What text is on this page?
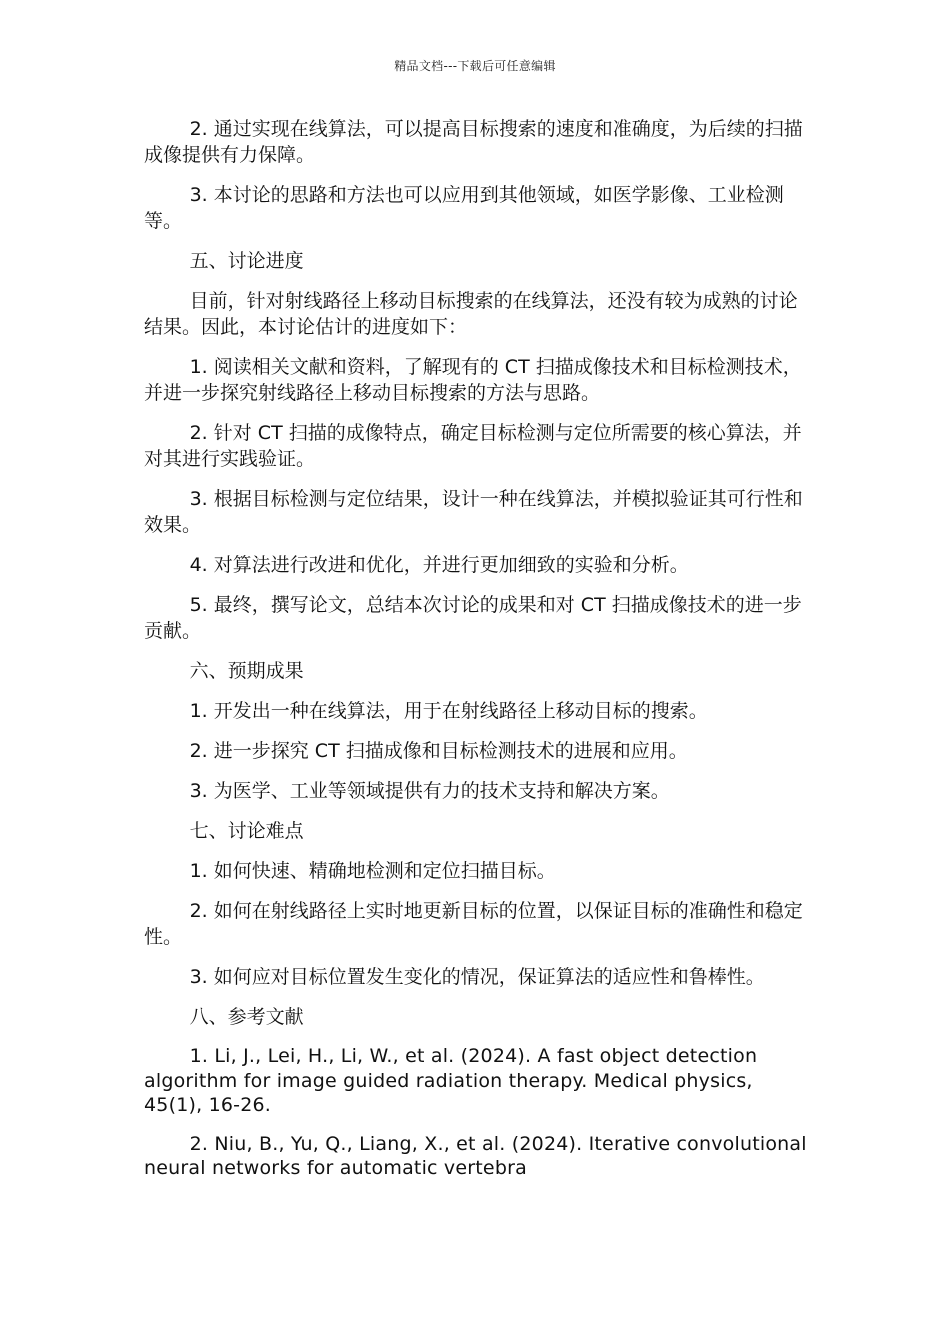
精品文档---下载后可任意编辑

2. 通过实现在线算法，可以提高目标搜索的速度和准确度，为后续的扫描成像提供有力保障。

3. 本讨论的思路和方法也可以应用到其他领域，如医学影像、工业检测等。

五、讨论进度

目前，针对射线路径上移动目标搜索的在线算法，还没有较为成熟的讨论结果。因此，本讨论估计的进度如下：

1. 阅读相关文献和资料，了解现有的 CT 扫描成像技术和目标检测技术，并进一步探究射线路径上移动目标搜索的方法与思路。

2. 针对 CT 扫描的成像特点，确定目标检测与定位所需要的核心算法，并对其进行实践验证。

3. 根据目标检测与定位结果，设计一种在线算法，并模拟验证其可行性和效果。

4. 对算法进行改进和优化，并进行更加细致的实验和分析。

5. 最终，撰写论文，总结本次讨论的成果和对 CT 扫描成像技术的进一步贡献。

六、预期成果

1. 开发出一种在线算法，用于在射线路径上移动目标的搜索。

2. 进一步探究 CT 扫描成像和目标检测技术的进展和应用。

3. 为医学、工业等领域提供有力的技术支持和解决方案。

七、讨论难点

1. 如何快速、精确地检测和定位扫描目标。

2. 如何在射线路径上实时地更新目标的位置，以保证目标的准确性和稳定性。

3. 如何应对目标位置发生变化的情况，保证算法的适应性和鲁棒性。

八、参考文献

1. Li, J., Lei, H., Li, W., et al. (2024). A fast object detection algorithm for image guided radiation therapy. Medical physics, 45(1), 16-26.

2. Niu, B., Yu, Q., Liang, X., et al. (2024). Iterative convolutional neural networks for automatic vertebra
